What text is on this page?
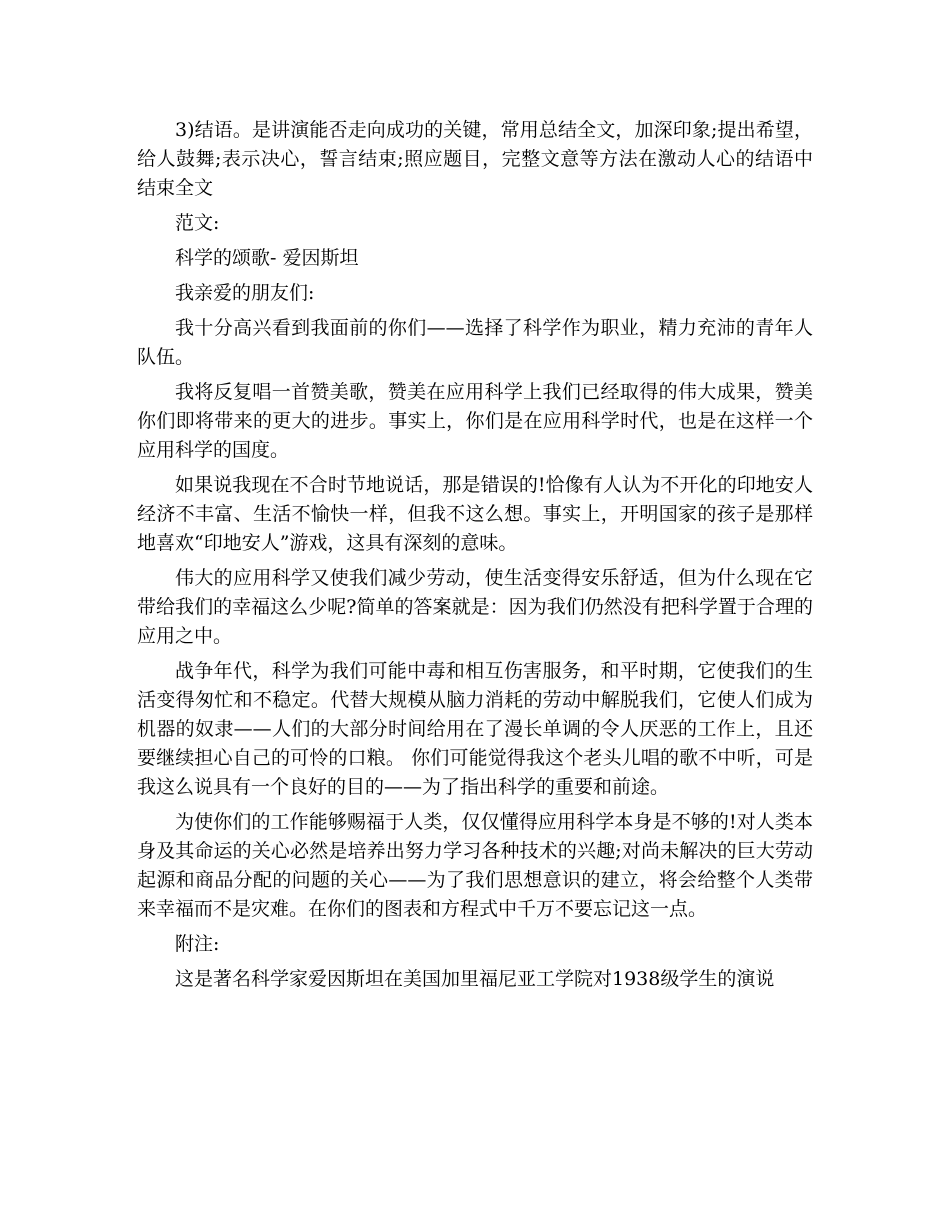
3)结语。是讲演能否走向成功的关键，常用总结全文，加深印象;提出希望，给人鼓舞;表示决心，誓言结束;照应题目，完整文意等方法在激动人心的结语中结束全文

范文:

科学的颂歌- 爱因斯坦

我亲爱的朋友们:

我十分高兴看到我面前的你们——选择了科学作为职业，精力充沛的青年人队伍。

我将反复唱一首赞美歌，赞美在应用科学上我们已经取得的伟大成果，赞美你们即将带来的更大的进步。事实上，你们是在应用科学时代，也是在这样一个应用科学的国度。

如果说我现在不合时节地说话，那是错误的!恰像有人认为不开化的印地安人经济不丰富、生活不愉快一样，但我不这么想。事实上，开明国家的孩子是那样地喜欢“印地安人”游戏，这具有深刻的意味。

伟大的应用科学又使我们减少劳动，使生活变得安乐舒适，但为什么现在它带给我们的幸福这么少呢?简单的答案就是：因为我们仍然没有把科学置于合理的应用之中。

战争年代，科学为我们可能中毒和相互伤害服务，和平时期，它使我们的生活变得匆忙和不稳定。代替大规模从脑力消耗的劳动中解脱我们，它使人们成为机器的奴隶——人们的大部分时间给用在了漫长单调的令人厌恶的工作上，且还要继续担心自己的可怜的口粮。 你们可能觉得我这个老头儿唱的歌不中听，可是我这么说具有一个良好的目的——为了指出科学的重要和前途。

为使你们的工作能够赐福于人类，仅仅懂得应用科学本身是不够的!对人类本身及其命运的关心必然是培养出努力学习各种技术的兴趣;对尚未解决的巨大劳动起源和商品分配的问题的关心——为了我们思想意识的建立，将会给整个人类带来幸福而不是灾难。在你们的图表和方程式中千万不要忘记这一点。

附注:

这是著名科学家爱因斯坦在美国加里福尼亚工学院对1938级学生的演说
